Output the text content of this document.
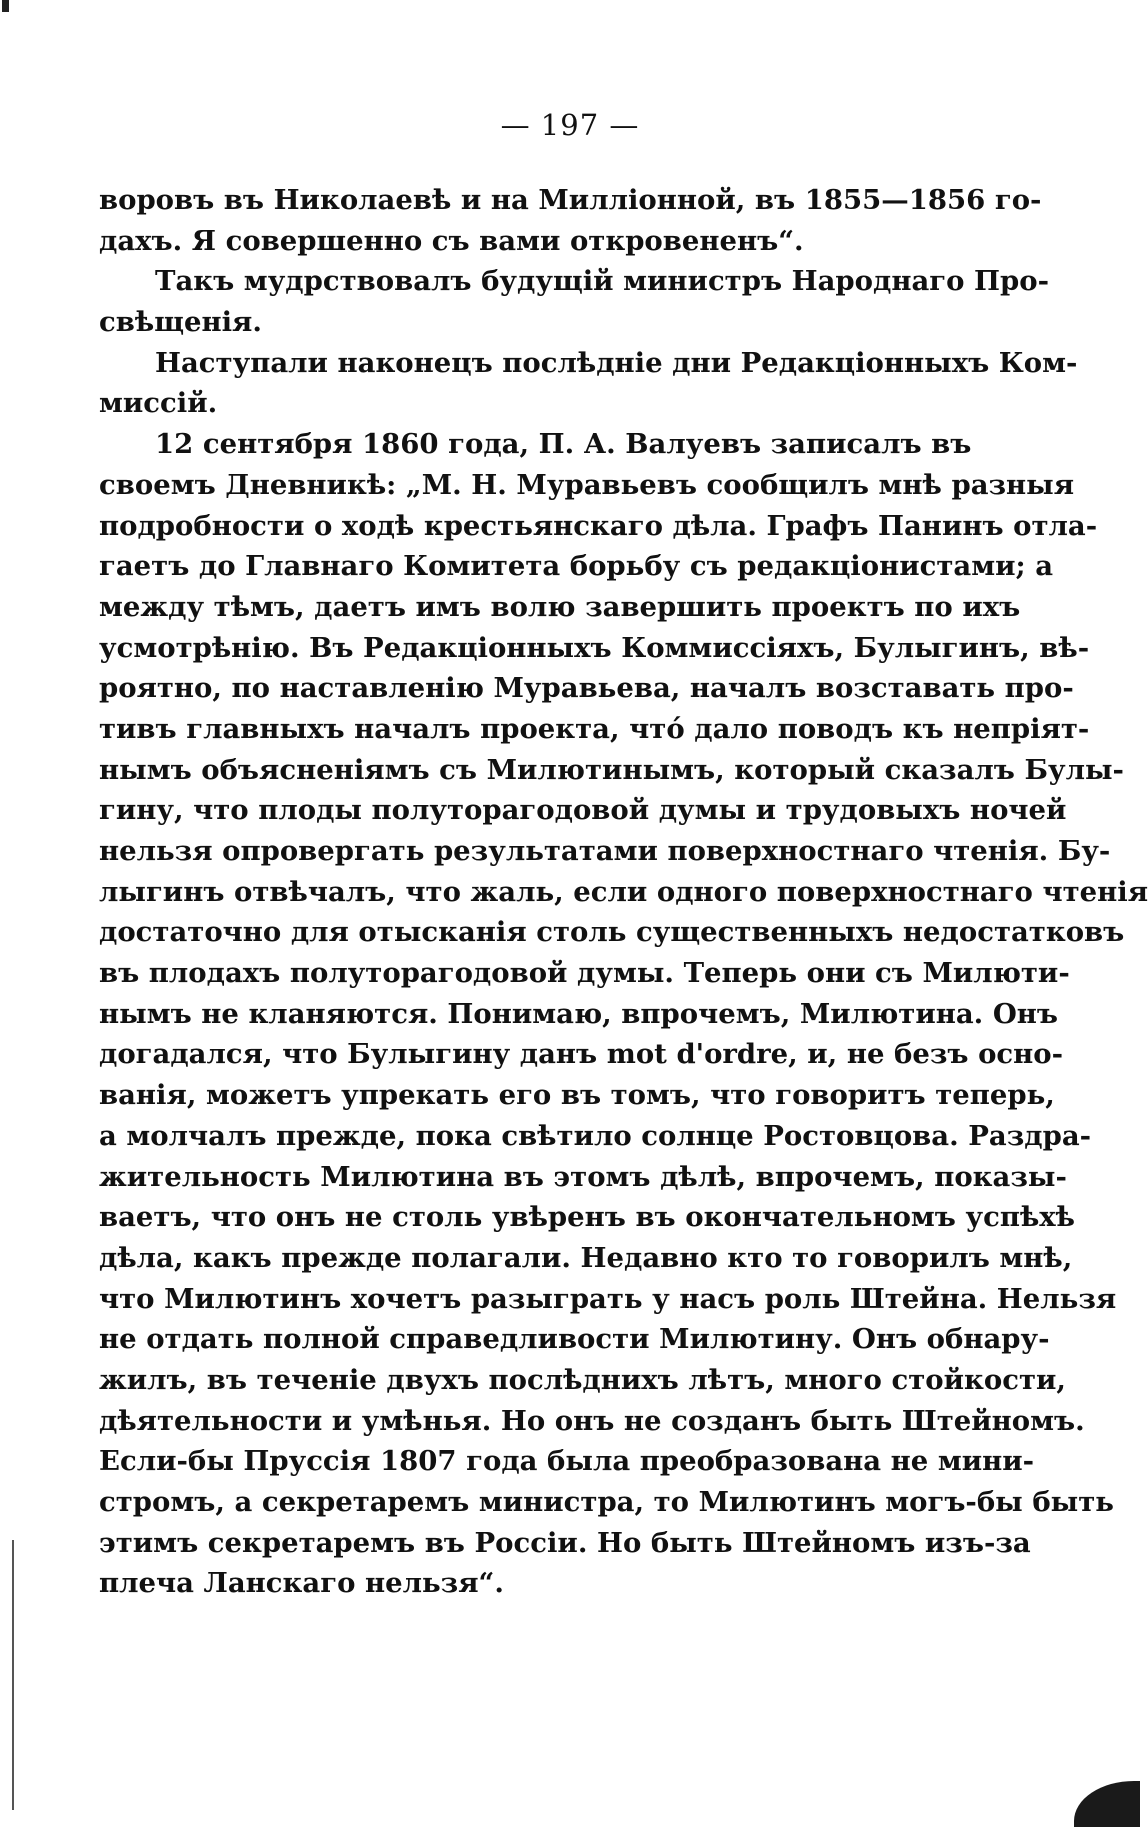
— 197 —
воровъ въ Николаевѣ и на Милліонной, въ 1855—1856 го-
дахъ. Я совершенно съ вами откровененъ“.
Такъ мудрствовалъ будущій министръ Народнаго Про-
свѣщенія.
Наступали наконецъ послѣдніе дни Редакціонныхъ Ком-
миссій.
12 сентября 1860 года, П. А. Валуевъ записалъ въ
своемъ Дневникѣ: „М. Н. Муравьевъ сообщилъ мнѣ разныя
подробности о ходѣ крестьянскаго дѣла. Графъ Панинъ отла-
гаетъ до Главнаго Комитета борьбу съ редакціонистами; а
между тѣмъ, даетъ имъ волю завершить проектъ по ихъ
усмотрѣнію. Въ Редакціонныхъ Коммиссіяхъ, Булыгинъ, вѣ-
роятно, по наставленію Муравьева, началъ возставать про-
тивъ главныхъ началъ проекта, чтó дало поводъ къ непріят-
нымъ объясненіямъ съ Милютинымъ, который сказалъ Булы-
гину, что плоды полуторагодовой думы и трудовыхъ ночей
нельзя опровергать результатами поверхностнаго чтенія. Бу-
лыгинъ отвѣчалъ, что жаль, если одного поверхностнаго чтенія
достаточно для отысканія столь существенныхъ недостатковъ
въ плодахъ полуторагодовой думы. Теперь они съ Милюти-
нымъ не кланяются. Понимаю, впрочемъ, Милютина. Онъ
догадался, что Булыгину данъ mot d'ordre, и, не безъ осно-
ванія, можетъ упрекать его въ томъ, что говоритъ теперь,
а молчалъ прежде, пока свѣтило солнце Ростовцова. Раздра-
жительность Милютина въ этомъ дѣлѣ, впрочемъ, показы-
ваетъ, что онъ не столь увѣренъ въ окончательномъ успѣхѣ
дѣла, какъ прежде полагали. Недавно кто то говорилъ мнѣ,
что Милютинъ хочетъ разыграть у насъ роль Штейна. Нельзя
не отдать полной справедливости Милютину. Онъ обнару-
жилъ, въ теченіе двухъ послѣднихъ лѣтъ, много стойкости,
дѣятельности и умѣнья. Но онъ не созданъ быть Штейномъ.
Если-бы Пруссія 1807 года была преобразована не мини-
стромъ, а секретаремъ министра, то Милютинъ могъ-бы быть
этимъ секретаремъ въ Россіи. Но быть Штейномъ изъ-за
плеча Ланскаго нельзя“.
